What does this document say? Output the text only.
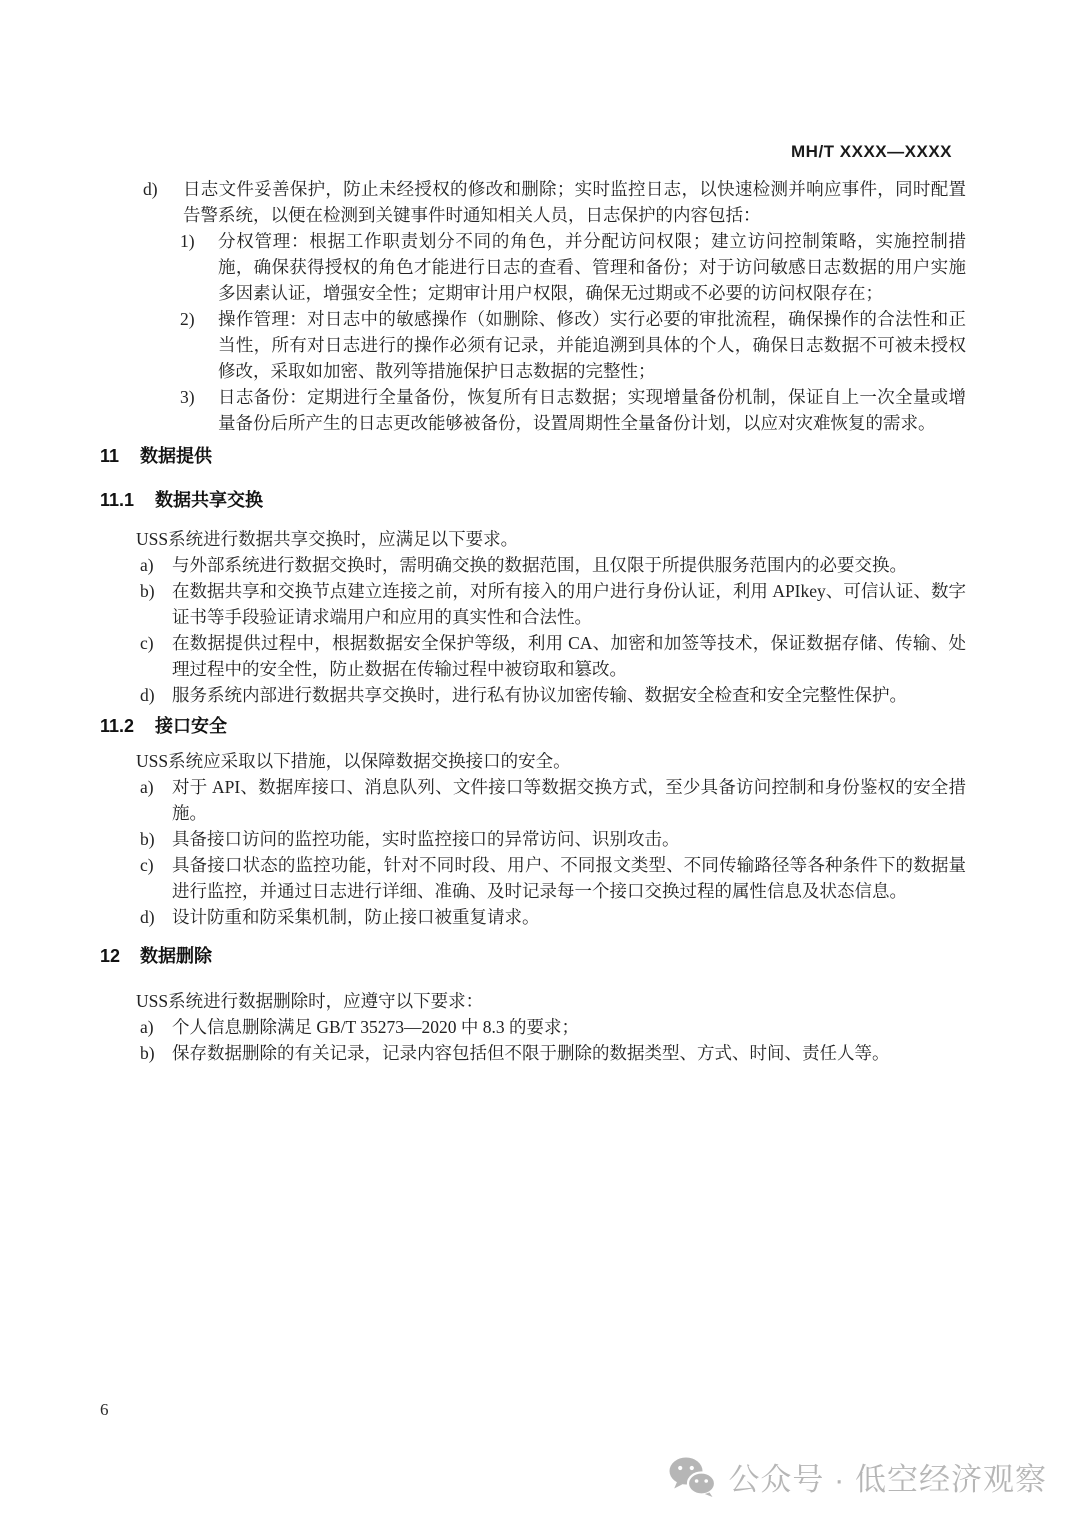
MH/T XXXX—XXXX
d) 日志文件妥善保护，防止未经授权的修改和删除；实时监控日志，以快速检测并响应事件，同时配置告警系统，以便在检测到关键事件时通知相关人员，日志保护的内容包括：

1) 分权管理：根据工作职责划分不同的角色，并分配访问权限；建立访问控制策略，实施控制措施，确保获得授权的角色才能进行日志的查看、管理和备份；对于访问敏感日志数据的用户实施多因素认证，增强安全性；定期审计用户权限，确保无过期或不必要的访问权限存在；

2) 操作管理：对日志中的敏感操作（如删除、修改）实行必要的审批流程，确保操作的合法性和正当性，所有对日志进行的操作必须有记录，并能追溯到具体的个人，确保日志数据不可被未授权修改，采取如加密、散列等措施保护日志数据的完整性；

3) 日志备份：定期进行全量备份，恢复所有日志数据；实现增量备份机制，保证自上一次全量或增量备份后所产生的日志更改能够被备份，设置周期性全量备份计划，以应对灾难恢复的需求。

11	数据提供
11.1	数据共享交换

USS系统进行数据共享交换时，应满足以下要求。

a) 与外部系统进行数据交换时，需明确交换的数据范围，且仅限于所提供服务范围内的必要交换。

b) 在数据共享和交换节点建立连接之前，对所有接入的用户进行身份认证，利用 APIkey、可信认证、数字证书等手段验证请求端用户和应用的真实性和合法性。

c) 在数据提供过程中，根据数据安全保护等级，利用 CA、加密和加签等技术，保证数据存储、传输、处理过程中的安全性，防止数据在传输过程中被窃取和篡改。

d) 服务系统内部进行数据共享交换时，进行私有协议加密传输、数据安全检查和安全完整性保护。

11.2	接口安全

USS系统应采取以下措施，以保障数据交换接口的安全。

a) 对于 API、数据库接口、消息队列、文件接口等数据交换方式，至少具备访问控制和身份鉴权的安全措施。

b) 具备接口访问的监控功能，实时监控接口的异常访问、识别攻击。

c) 具备接口状态的监控功能，针对不同时段、用户、不同报文类型、不同传输路径等各种条件下的数据量进行监控，并通过日志进行详细、准确、及时记录每一个接口交换过程的属性信息及状态信息。

d) 设计防重和防采集机制，防止接口被重复请求。

12	数据删除

USS系统进行数据删除时，应遵守以下要求：

a) 个人信息删除满足 GB/T 35273—2020 中 8.3 的要求；

b) 保存数据删除的有关记录，记录内容包括但不限于删除的数据类型、方式、时间、责任人等。

6
公众号 · 低空经济观察
